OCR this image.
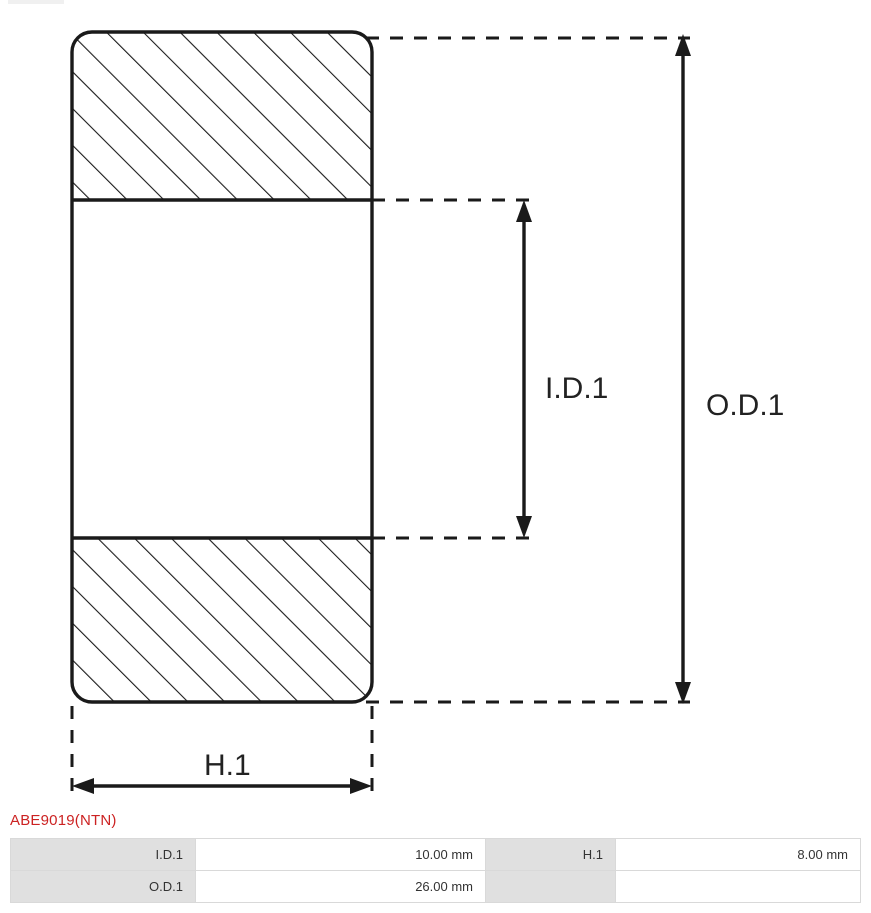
I.D.1
O.D.1
H.1
ABE9019(NTN)
I.D.1	10.00 mm	H.1	8.00 mm
O.D.1	26.00 mm		
